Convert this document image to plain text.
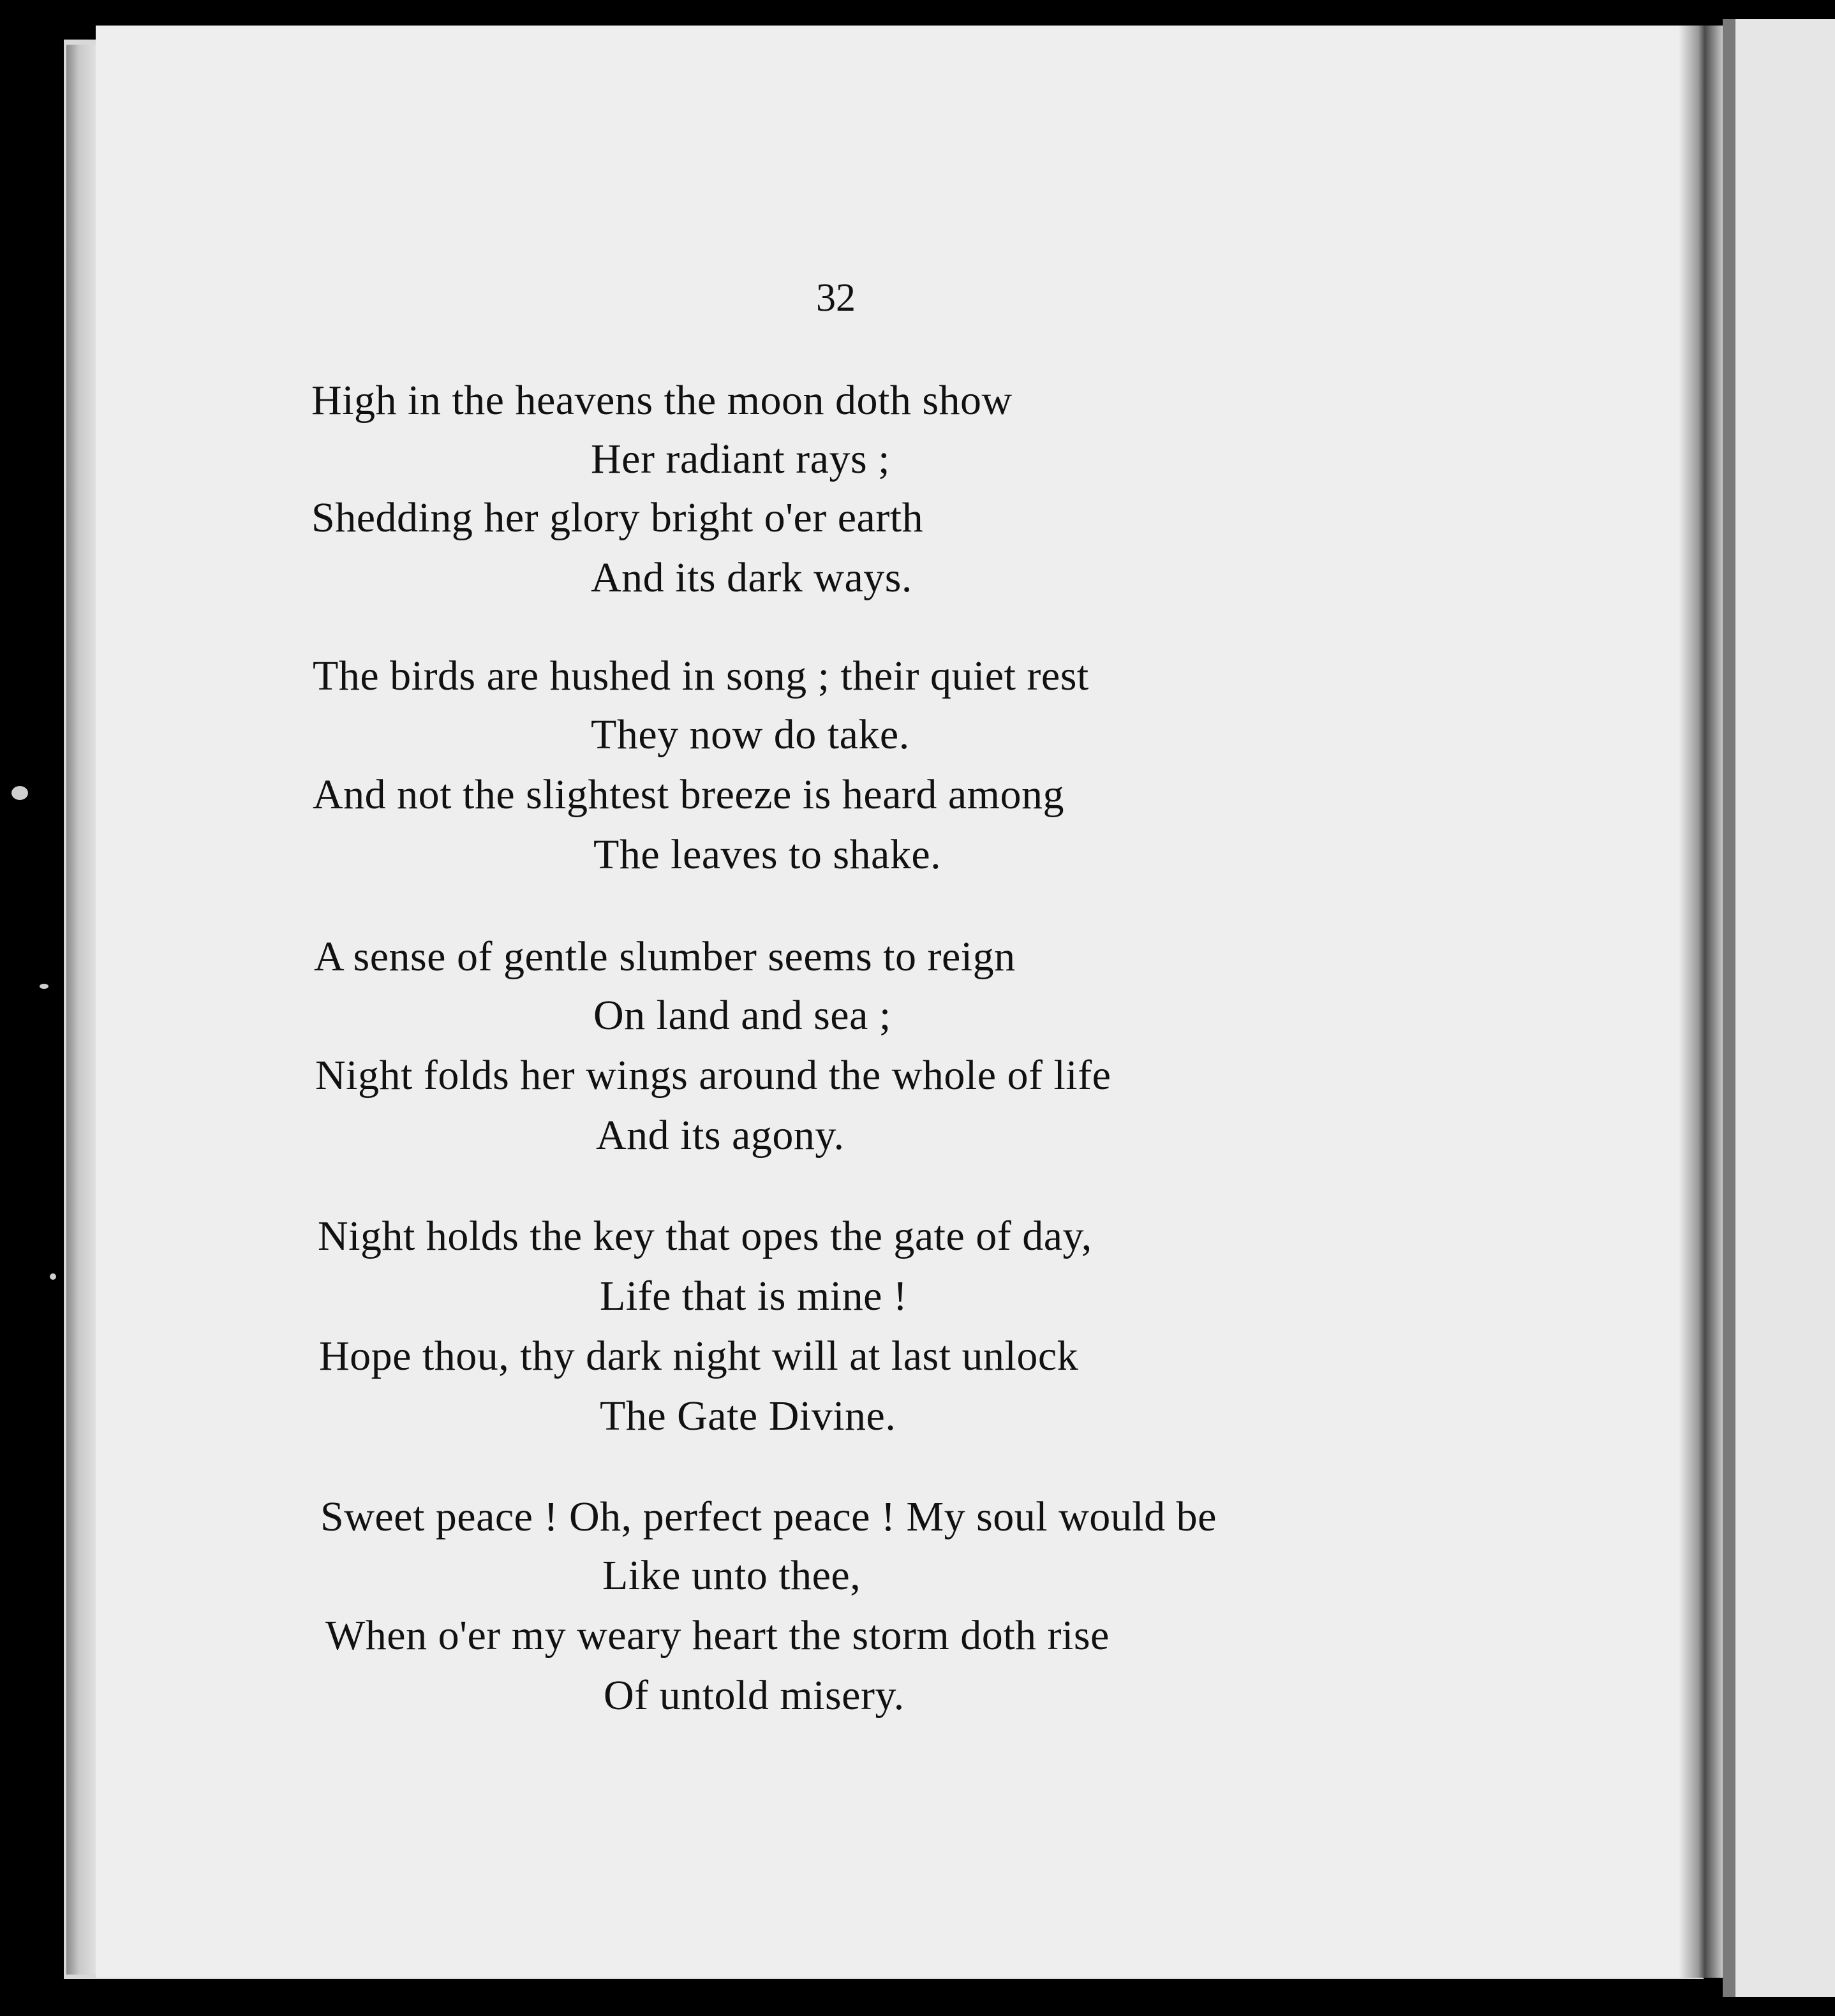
32

High in the heavens the moon doth show

Her radiant rays ;

Shedding her glory bright o'er earth

And its dark ways.

The birds are hushed in song ; their quiet rest

They now do take.

And not the slightest breeze is heard among

The leaves to shake.

A sense of gentle slumber seems to reign

On land and sea ;

Night folds her wings around the whole of life

And its agony.

Night holds the key that opes the gate of day,

Life that is mine !

Hope thou, thy dark night will at last unlock

The Gate Divine.

Sweet peace ! Oh, perfect peace ! My soul would be

Like unto thee,

When o'er my weary heart the storm doth rise

Of untold misery.
